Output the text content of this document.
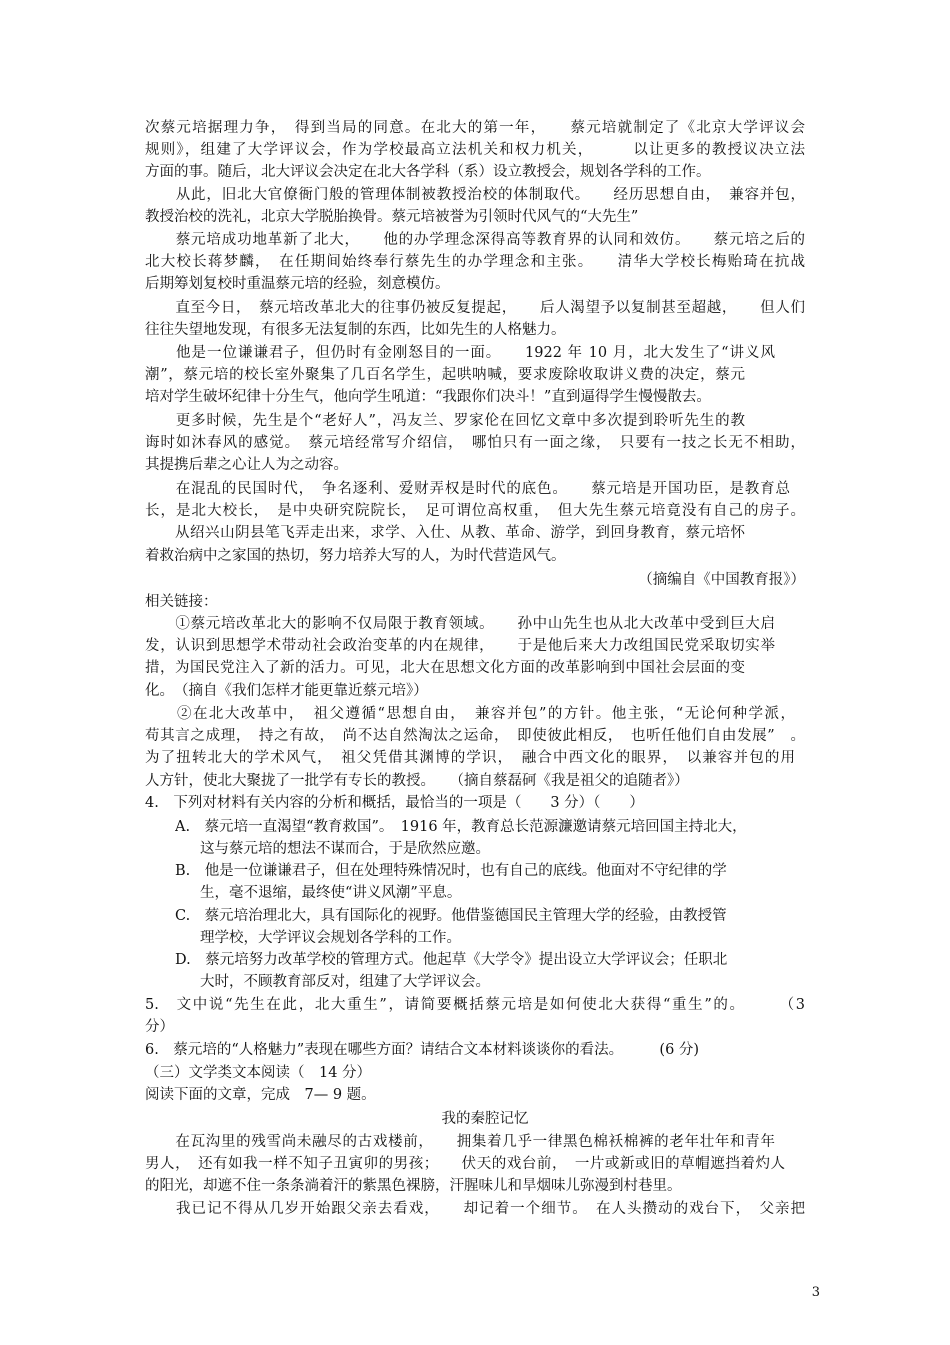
次蔡元培据理力争，　得到当局的同意。在北大的第一年，　　蔡元培就制定了《北京大学评议会
规则》，组建了大学评议会，作为学校最高立法机关和权力机关，　　　以让更多的教授议决立法
方面的事。随后，北大评议会决定在北大各学科（系）设立教授会，规划各学科的工作。
　　从此，旧北大官僚衙门般的管理体制被教授治校的体制取代。　　经历思想自由，　兼容并包，
教授治校的洗礼，北京大学脱胎换骨。蔡元培被誉为引领时代风气的“大先生”
　　蔡元培成功地革新了北大，　　他的办学理念深得高等教育界的认同和效仿。　　蔡元培之后的
北大校长蒋梦麟，　在任期间始终奉行蔡先生的办学理念和主张。　　清华大学校长梅贻琦在抗战
后期筹划复校时重温蔡元培的经验，刻意模仿。
　　直至今日，　蔡元培改革北大的往事仍被反复提起，　　后人渴望予以复制甚至超越，　　但人们
往往失望地发现，有很多无法复制的东西，比如先生的人格魅力。
　　他是一位谦谦君子，但仍时有金刚怒目的一面。　　1922 年 10 月，北大发生了“讲义风
潮”，蔡元培的校长室外聚集了几百名学生，起哄呐喊，要求废除收取讲义费的决定，蔡元
培对学生破坏纪律十分生气，他向学生吼道：“我跟你们决斗！”直到逼得学生慢慢散去。
　　更多时候，先生是个“老好人”，冯友兰、罗家伦在回忆文章中多次提到聆听先生的教
诲时如沐春风的感觉。　蔡元培经常写介绍信，　哪怕只有一面之缘，　只要有一技之长无不相助，
其提携后辈之心让人为之动容。
　　在混乱的民国时代，　争名逐利、爱财弄权是时代的底色。　　蔡元培是开国功臣，是教育总
长，是北大校长，　是中央研究院院长，　足可谓位高权重，　但大先生蔡元培竟没有自己的房子。
　　从绍兴山阴县笔飞弄走出来，求学、入仕、从教、革命、游学，到回身教育，蔡元培怀
着救治病中之家国的热切，努力培养大写的人，为时代营造风气。
（摘编自《中国教育报》）
相关链接：
　　①蔡元培改革北大的影响不仅局限于教育领域。　　孙中山先生也从北大改革中受到巨大启
发，认识到思想学术带动社会政治变革的内在规律，　　于是他后来大力改组国民党采取切实举
措，为国民党注入了新的活力。可见，北大在思想文化方面的改革影响到中国社会层面的变
化。　（摘自《我们怎样才能更靠近蔡元培》）
　　②在北大改革中，　祖父遵循“思想自由，　兼容并包”的方针。他主张，“无论何种学派，
苟其言之成理，　持之有故，　尚不达自然淘汰之运命，　即使彼此相反，　也听任他们自由发展”　。
为了扭转北大的学术风气，　祖父凭借其渊博的学识，　融合中西文化的眼界，　以兼容并包的用
人方针，使北大聚拢了一批学有专长的教授。　　（摘自蔡磊砢《我是祖父的追随者》）
4.　下列对材料有关内容的分析和概括，最恰当的一项是（　　3 分）（　　）
A.　蔡元培一直渴望“教育救国”。　1916 年，教育总长范源濂邀请蔡元培回国主持北大，
这与蔡元培的想法不谋而合，于是欣然应邀。
B.　他是一位谦谦君子，但在处理特殊情况时，也有自己的底线。他面对不守纪律的学
生，毫不退缩，最终使“讲义风潮”平息。
C.　蔡元培治理北大，具有国际化的视野。他借鉴德国民主管理大学的经验，由教授管
理学校，大学评议会规划各学科的工作。
D.　蔡元培努力改革学校的管理方式。他起草《大学令》提出设立大学评议会；任职北
大时，不顾教育部反对，组建了大学评议会。
5.　文中说“先生在此，北大重生”，请简要概括蔡元培是如何使北大获得“重生”的。　　　（3
分）
6.　蔡元培的“人格魅力”表现在哪些方面？请结合文本材料谈谈你的看法。　　　(6 分)
（三）文学类文本阅读（　14 分）
阅读下面的文章，完成　7— 9 题。
我的秦腔记忆
　　在瓦沟里的残雪尚未融尽的古戏楼前，　　拥集着几乎一律黑色棉袄棉裤的老年壮年和青年
男人，　还有如我一样不知子丑寅卯的男孩；　　伏天的戏台前，　一片或新或旧的草帽遮挡着灼人
的阳光，却遮不住一条条淌着汗的紫黑色裸膀，汗腥味儿和旱烟味儿弥漫到村巷里。
　　我已记不得从几岁开始跟父亲去看戏，　　却记着一个细节。　在人头攒动的戏台下，　父亲把
3
